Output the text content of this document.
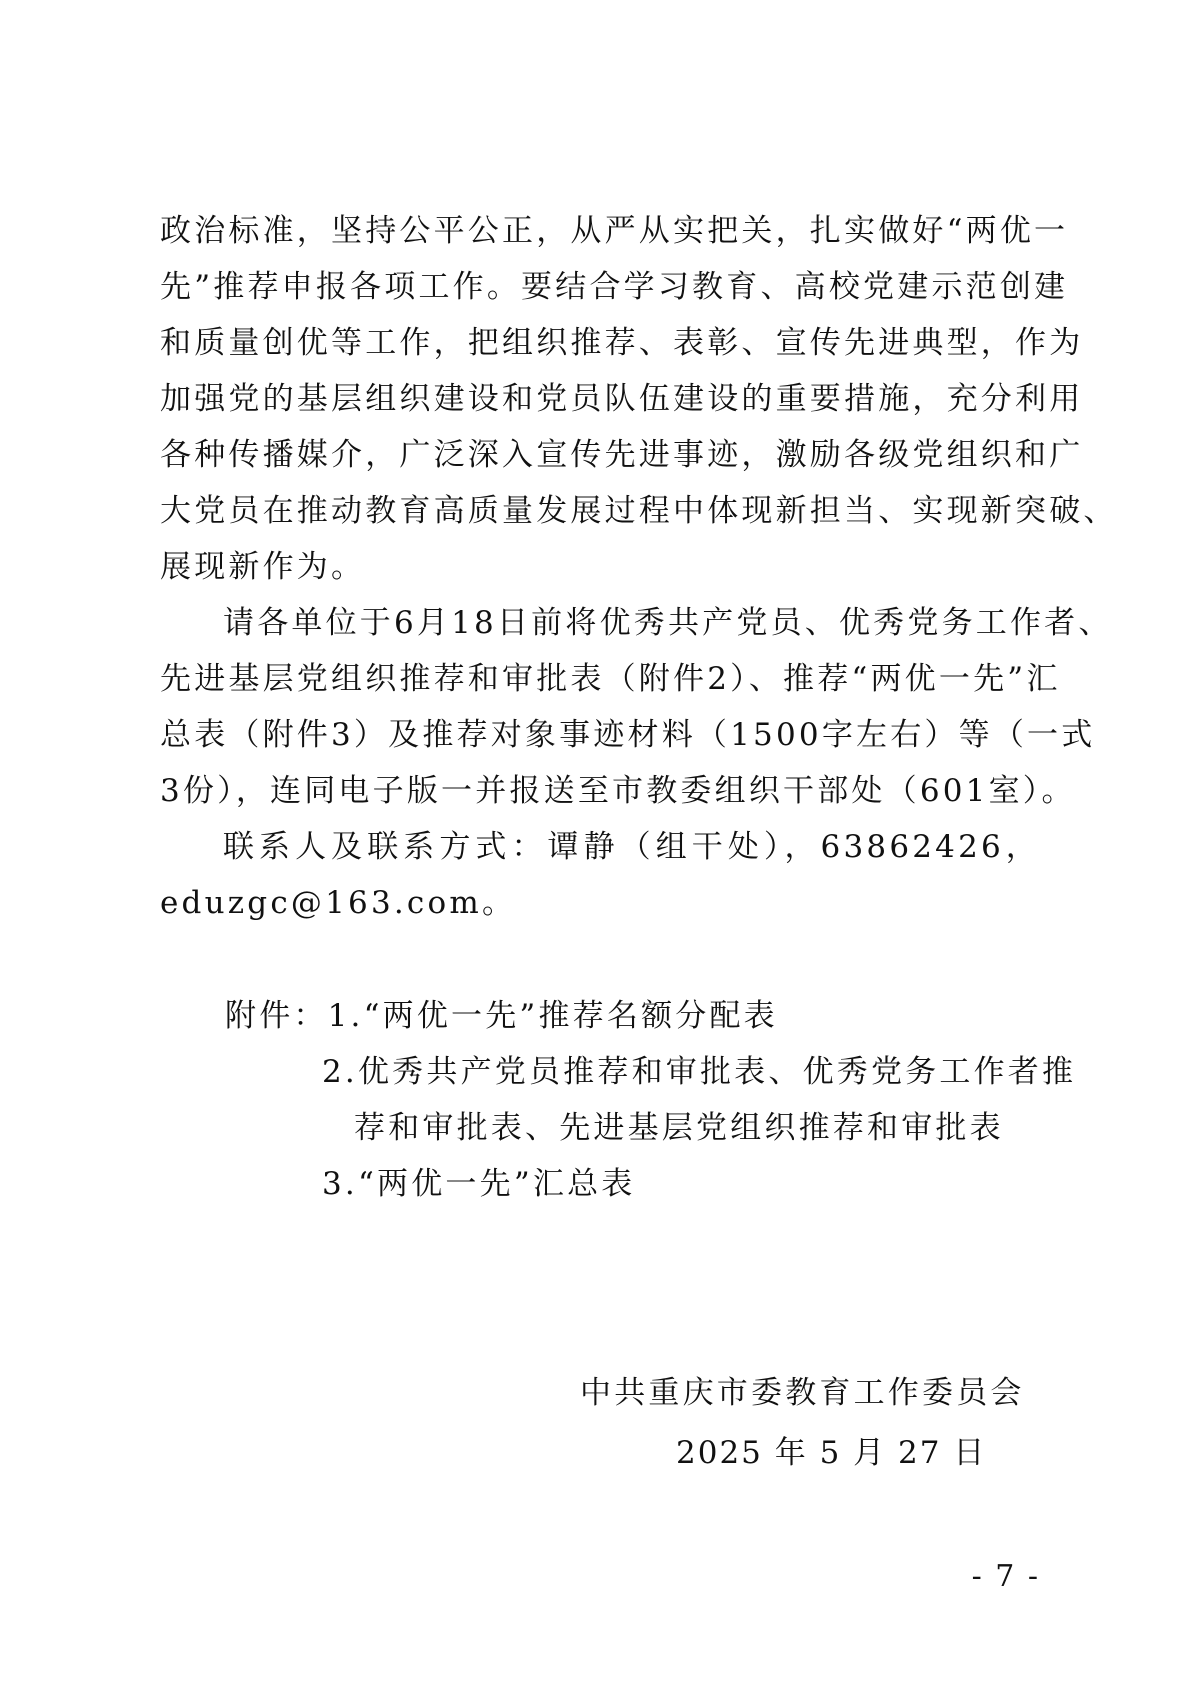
政治标准，坚持公平公正，从严从实把关，扎实做好“两优一
先”推荐申报各项工作。要结合学习教育、高校党建示范创建
和质量创优等工作，把组织推荐、表彰、宣传先进典型，作为
加强党的基层组织建设和党员队伍建设的重要措施，充分利用
各种传播媒介，广泛深入宣传先进事迹，激励各级党组织和广
大党员在推动教育高质量发展过程中体现新担当、实现新突破、
展现新作为。
请各单位于6月18日前将优秀共产党员、优秀党务工作者、
先进基层党组织推荐和审批表（附件2）、推荐“两优一先”汇
总表（附件3）及推荐对象事迹材料（1500字左右）等（一式
3份），连同电子版一并报送至市教委组织干部处（601室）。
联系人及联系方式：谭静（组干处），63862426，
eduzgc@163.com。
附件：1.“两优一先”推荐名额分配表
2.优秀共产党员推荐和审批表、优秀党务工作者推
荐和审批表、先进基层党组织推荐和审批表
3.“两优一先”汇总表
中共重庆市委教育工作委员会
2025 年 5 月 27 日
- 7 -
